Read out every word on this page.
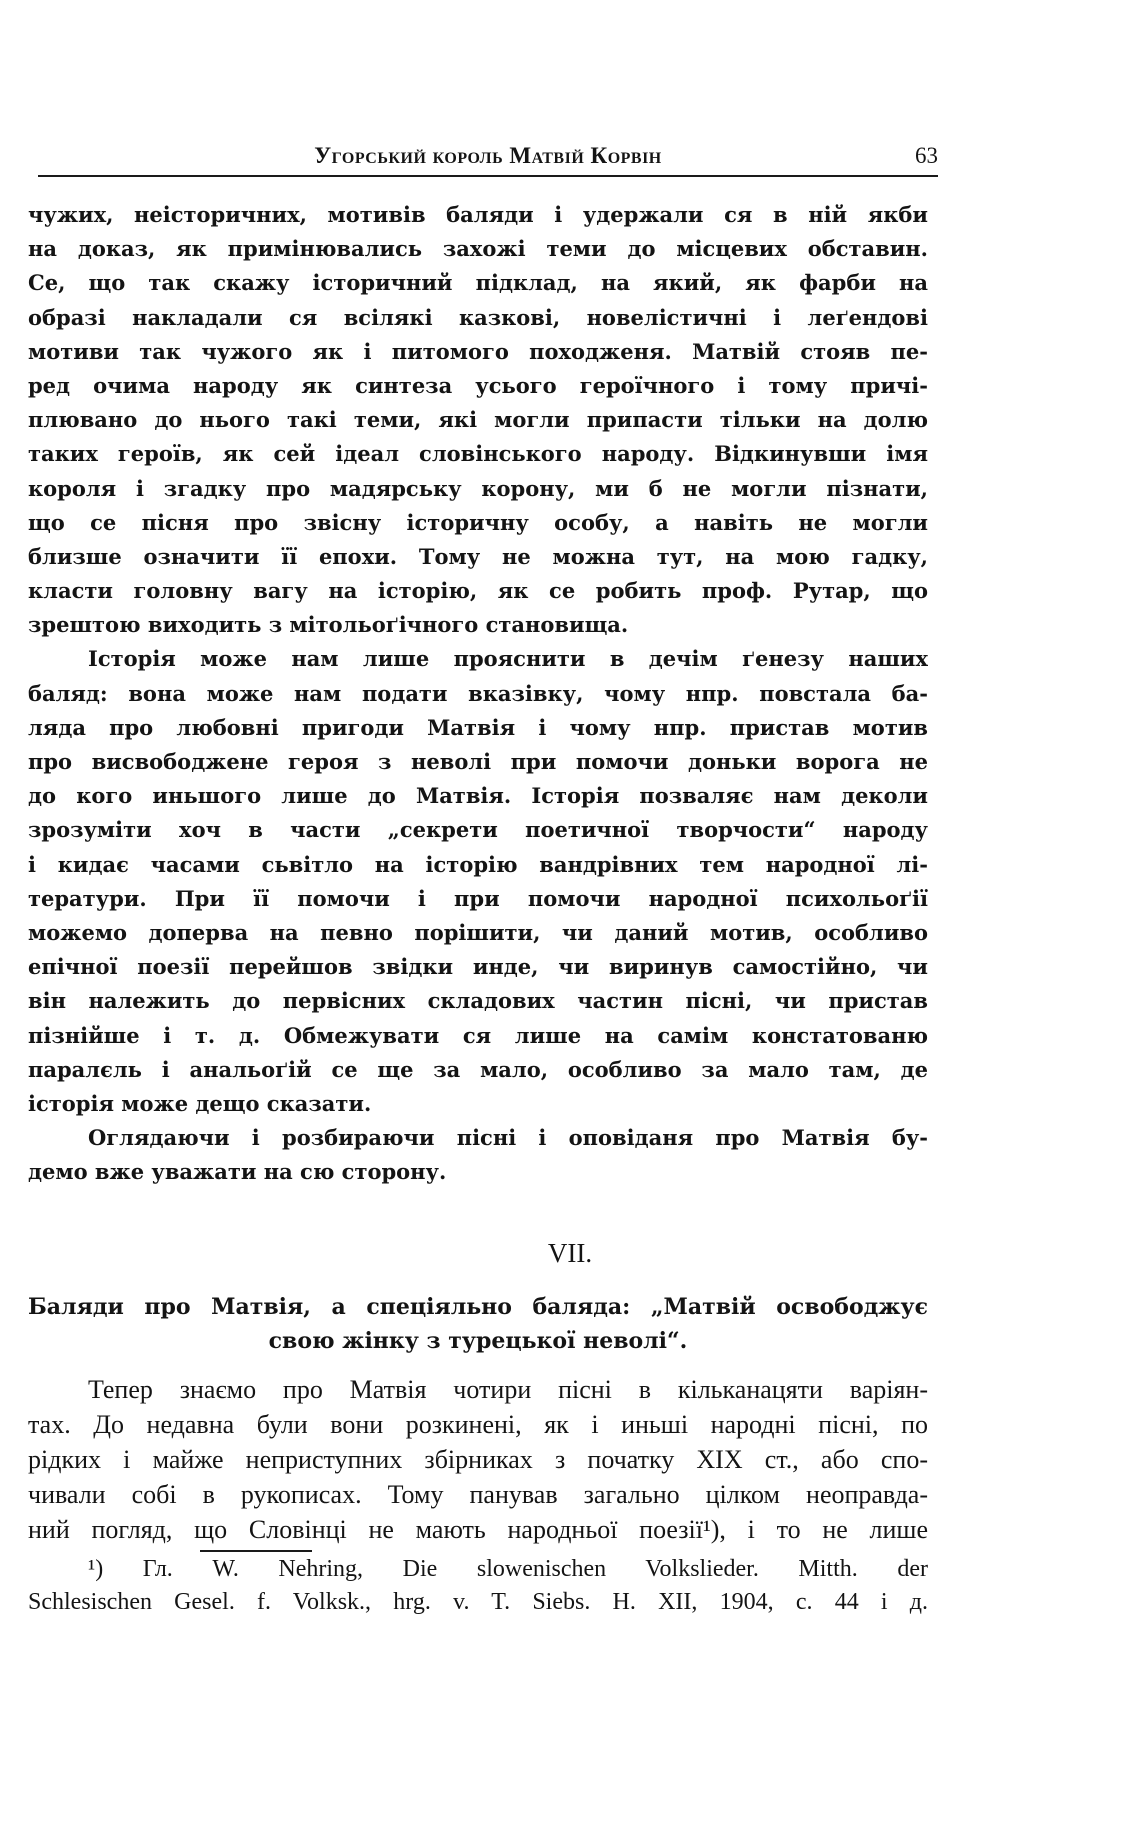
Угорський король Матвій Корвін	63
чужих, неісторичних, мотивів баляди і удержали ся в ній якби
на доказ, як примінювались захожі теми до місцевих обставин.
Се, що так скажу історичний підклад, на який, як фарби на
образі накладали ся всілякі казкові, новелістичні і леґендові
мотиви так чужого як і питомого походженя. Матвій стояв пе-
ред очима народу як синтеза усього героїчного і тому причі-
плювано до нього такі теми, які могли припасти тільки на долю
таких героїв, як сей ідеал словінського народу. Відкинувши імя
короля і згадку про мадярську корону, ми б не могли пізнати,
що се пісня про звісну історичну особу, а навіть не могли
близше означити її епохи. Тому не можна тут, на мою гадку,
класти головну вагу на історію, як се робить проф. Рутар, що
зрештою виходить з мітольоґічного становища.
Історія може нам лише прояснити в дечім ґенезу наших
баляд: вона може нам подати вказівку, чому нпр. повстала ба-
ляда про любовні пригоди Матвія і чому нпр. пристав мотив
про висвободжене героя з неволі при помочи доньки ворога не
до кого иньшого лише до Матвія. Історія позваляє нам деколи
зрозуміти хоч в части „секрети поетичної творчости“ народу
і кидає часами сьвітло на історію вандрівних тем народної лі-
тератури. При її помочи і при помочи народної психольоґії
можемо доперва на певно порішити, чи даний мотив, особливо
епічної поезії перейшов звідки инде, чи виринув самостійно, чи
він належить до первісних складових частин пісні, чи пристав
пізнійше і т. д. Обмежувати ся лише на самім констатованю
паралєль і анальоґій се ще за мало, особливо за мало там, де
історія може дещо сказати.
Оглядаючи і розбираючи пісні і оповіданя про Матвія бу-
демо вже уважати на сю сторону.
VII.
Баляди про Матвія, а спеціяльно баляда: „Матвій освободжує
свою жінку з турецької неволі“.
Тепер знаємо про Матвія чотири пісні в кільканацяти варіян-
тах. До недавна були вони розкинені, як і иньші народні пісні, по
рідких і майже неприступних збірниках з початку XIX ст., або спо-
чивали собі в рукописах. Тому панував загально цілком неоправда-
ний погляд, що Словінці не мають народньої поезії¹), і то не лише
¹) Гл. W. Nehring, Die slowenischen Volkslieder. Mitth. der
Schlesischen Gesel. f. Volksk., hrg. v. T. Siebs. H. XII, 1904, c. 44 i д.
